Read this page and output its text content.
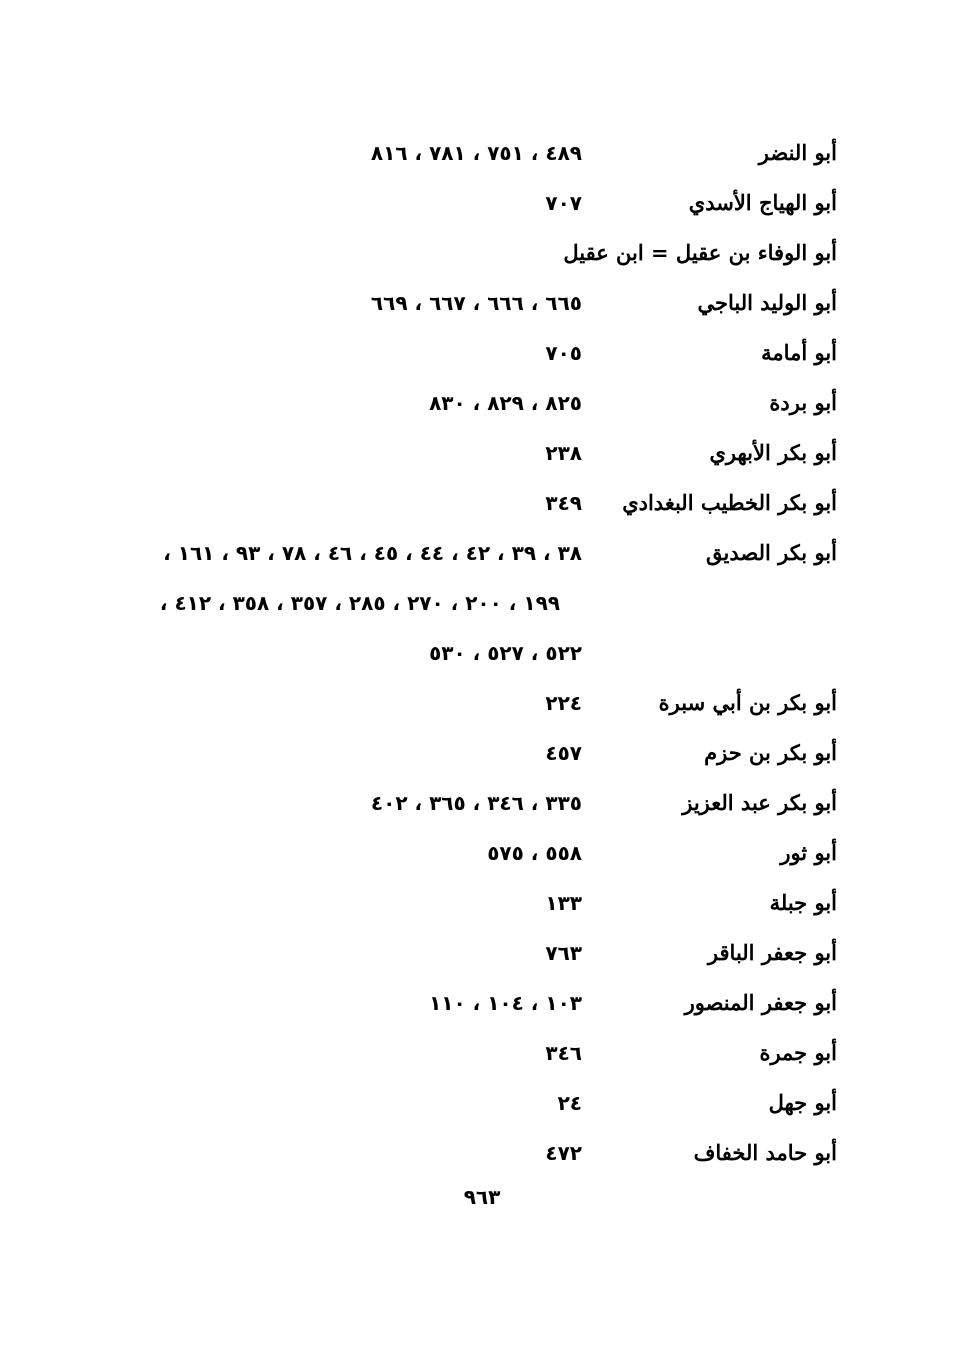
أبو النضر
٤٨٩ ، ٧٥١ ، ٧٨١ ، ٨١٦
أبو الهياج الأسدي
٧٠٧
أبو الوفاء بن عقيل = ابن عقيل
أبو الوليد الباجي
٦٦٥ ، ٦٦٦ ، ٦٦٧ ، ٦٦٩
أبو أمامة
٧٠٥
أبو بردة
٨٢٥ ، ٨٢٩ ، ٨٣٠
أبو بكر الأبهري
٢٣٨
أبو بكر الخطيب البغدادي
٣٤٩
أبو بكر الصديق
٣٨ ، ٣٩ ، ٤٢ ، ٤٤ ، ٤٥ ، ٤٦ ، ٧٨ ، ٩٣ ، ١٦١ ،
١٩٩ ، ٢٠٠ ، ٢٧٠ ، ٢٨٥ ، ٣٥٧ ، ٣٥٨ ، ٤١٢ ،
٥٢٢ ، ٥٢٧ ، ٥٣٠
أبو بكر بن أبي سبرة
٢٢٤
أبو بكر بن حزم
٤٥٧
أبو بكر عبد العزيز
٣٣٥ ، ٣٤٦ ، ٣٦٥ ، ٤٠٢
أبو ثور
٥٥٨ ، ٥٧٥
أبو جبلة
١٣٣
أبو جعفر الباقر
٧٦٣
أبو جعفر المنصور
١٠٣ ، ١٠٤ ، ١١٠
أبو جمرة
٣٤٦
أبو جهل
٢٤
أبو حامد الخفاف
٤٧٢
٩٦٣
